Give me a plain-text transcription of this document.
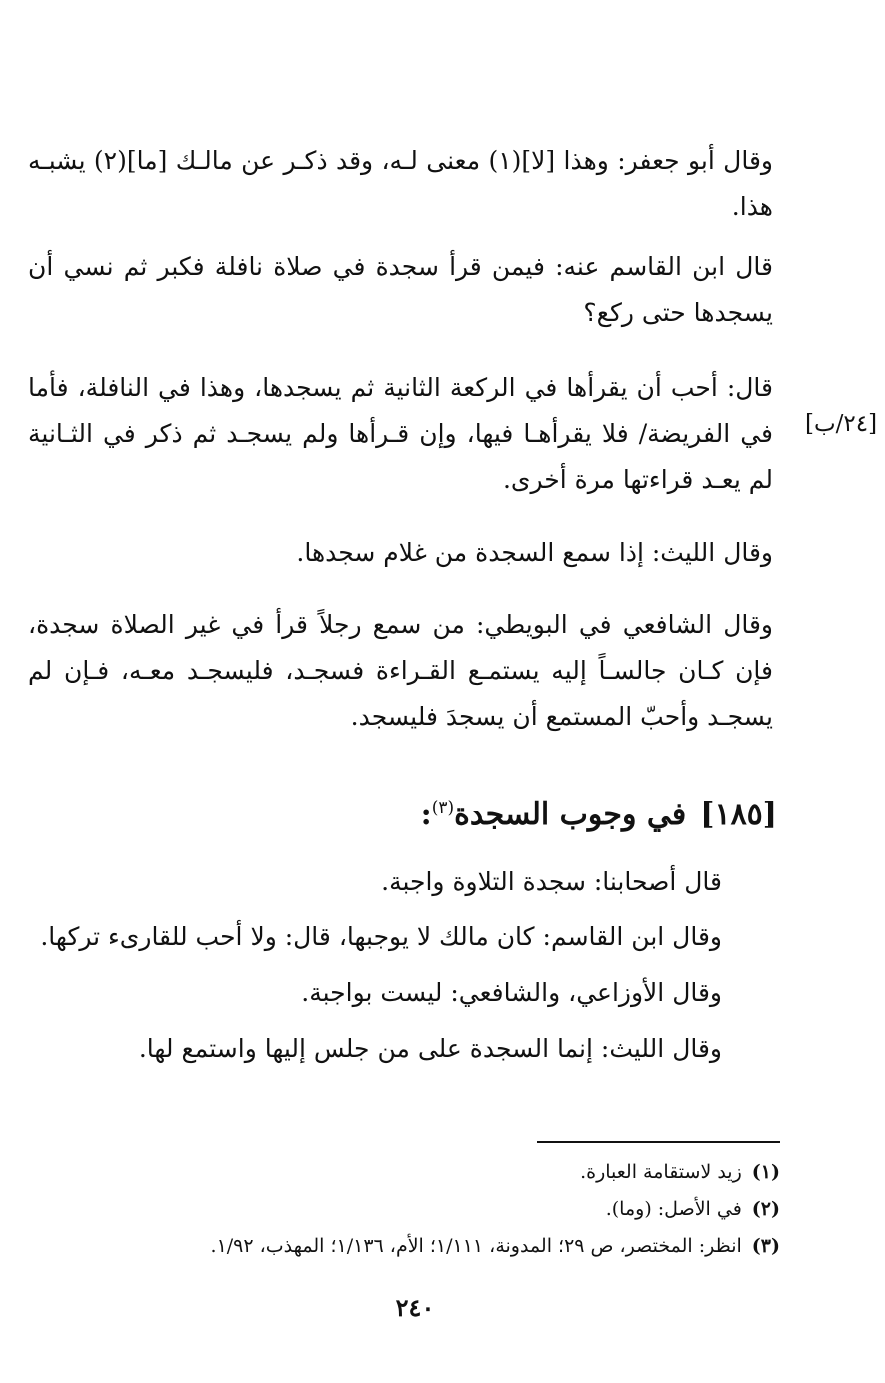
وقال أبو جعفر: وهذا [لا](١) معنى لـه، وقد ذكـر عن مالـك [ما](٢) يشبـه هذا.

قال ابن القاسم عنه: فيمن قرأ سجدة في صلاة نافلة فكبر ثم نسي أن يسجدها حتى ركع؟

قال: أحب أن يقرأها في الركعة الثانية ثم يسجدها، وهذا في النافلة، فأما في الفريضة/ فلا يقرأهـا فيها، وإن قـرأها ولم يسجـد ثم ذكر في الثـانية لم يعـد قراءتها مرة أخرى.

[٢٤/ب]

وقال الليث: إذا سمع السجدة من غلام سجدها.

وقال الشافعي في البويطي: من سمع رجلاً قرأ في غير الصلاة سجدة، فإن كـان جالسـاً إليه يستمـع القـراءة فسجـد، فليسجـد معـه، فـإن لم يسجـد وأحبّ المستمع أن يسجدَ فليسجد.

[١٨٥]في وجوب السجدة$^{(٣)}$:
قال أصحابنا: سجدة التلاوة واجبة.
وقال ابن القاسم: كان مالك لا يوجبها، قال: ولا أحب للقارىء تركها.
وقال الأوزاعي، والشافعي: ليست بواجبة.
وقال الليث: إنما السجدة على من جلس إليها واستمع لها.
(١)زيد لاستقامة العبارة.
(٢)في الأصل: (وما).
(٣)انظر: المختصر، ص ٢٩؛ المدونة، ١/١١١؛ الأم، ١/١٣٦؛ المهذب، ١/٩٢.
٢٤٠
